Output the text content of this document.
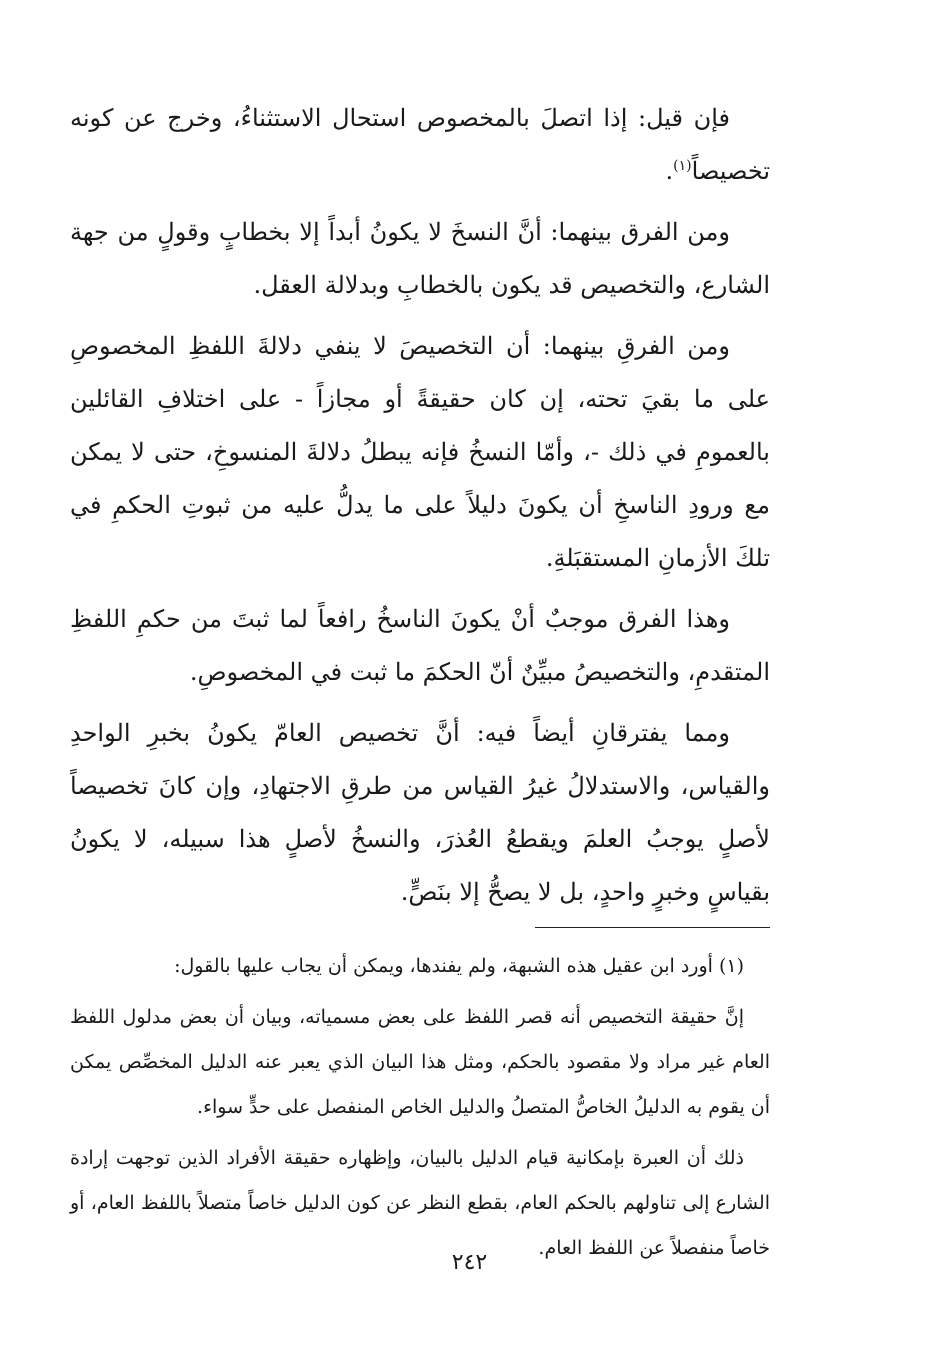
فإن قيل: إذا اتصلَ بالمخصوص استحال الاستثناءُ، وخرج عن كونه تخصيصاً$^{(١)}$.

ومن الفرق بينهما: أنَّ النسخَ لا يكونُ أبداً إلا بخطابٍ وقولٍ من جهة الشارع، والتخصيص قد يكون بالخطابِ وبدلالة العقل.

ومن الفرقِ بينهما: أن التخصيصَ لا ينفي دلالةَ اللفظِ المخصوصِ على ما بقيَ تحته، إن كان حقيقةً أو مجازاً - على اختلافِ القائلين بالعمومِ في ذلك -، وأمّا النسخُ فإنه يبطلُ دلالةَ المنسوخِ، حتى لا يمكن مع ورودِ الناسخِ أن يكونَ دليلاً على ما يدلُّ عليه من ثبوتِ الحكمِ في تلكَ الأزمانِ المستقبَلةِ.

وهذا الفرق موجبٌ أنْ يكونَ الناسخُ رافعاً لما ثبتَ من حكمِ اللفظِ المتقدمِ، والتخصيصُ مبيِّنٌ أنّ الحكمَ ما ثبت في المخصوصِ.

ومما يفترقانِ أيضاً فيه: أنَّ تخصيص العامّ يكونُ بخبرِ الواحدِ والقياس، والاستدلالُ غيرُ القياس من طرقِ الاجتهادِ، وإن كانَ تخصيصاً لأصلٍ يوجبُ العلمَ ويقطعُ العُذرَ، والنسخُ لأصلٍ هذا سبيله، لا يكونُ بقياسٍ وخبرٍ واحدٍ، بل لا يصحُّ إلا بنَصٍّ.

(١) أورد ابن عقيل هذه الشبهة، ولم يفندها، ويمكن أن يجاب عليها بالقول:

إنَّ حقيقة التخصيص أنه قصر اللفظ على بعض مسمياته، وبيان أن بعض مدلول اللفظ العام غير مراد ولا مقصود بالحكم، ومثل هذا البيان الذي يعبر عنه الدليل المخصِّص يمكن أن يقوم به الدليلُ الخاصُّ المتصلُ والدليل الخاص المنفصل على حدٍّ سواء.

ذلك أن العبرة بإمكانية قيام الدليل بالبيان، وإظهاره حقيقة الأفراد الذين توجهت إرادة الشارع إلى تناولهم بالحكم العام، بقطع النظر عن كون الدليل خاصاً متصلاً باللفظ العام، أو خاصاً منفصلاً عن اللفظ العام.

٢٤٢
